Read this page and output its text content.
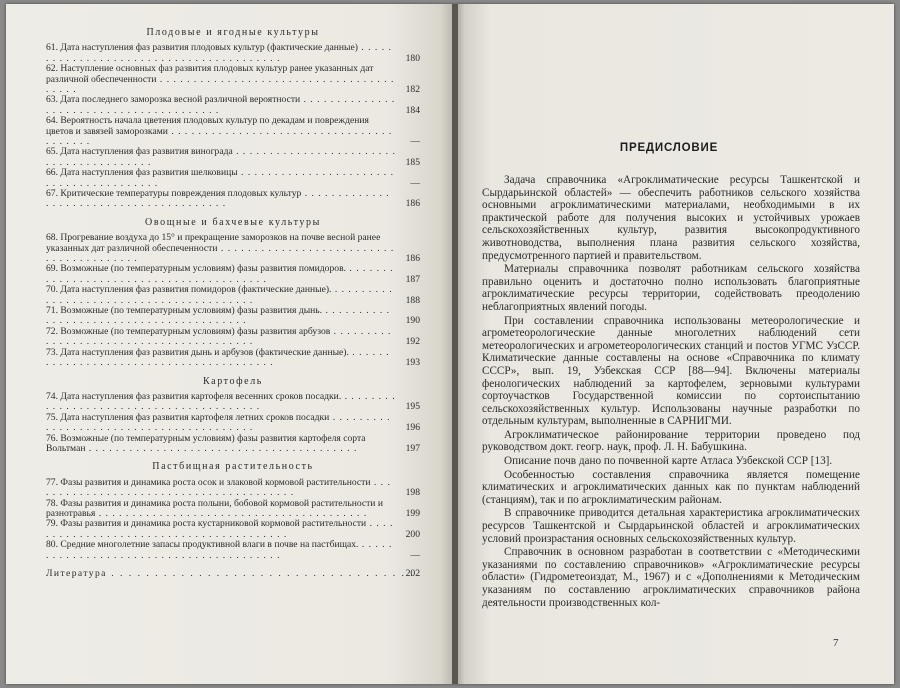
Плодовые и ягодные культуры
61. Дата наступления фаз развития плодовых культур (фактические данные) . . .
180
62. Наступление основных фаз развития плодовых культур ранее указанных дат различной обеспеченности . . .
182
63. Дата последнего заморозка весной различной вероятности . . .
184
64. Вероятность начала цветения плодовых культур по декадам и повреждения цветов и завязей заморозками . . .
—
65. Дата наступления фаз развития винограда . . .
185
66. Дата наступления фаз развития шелковицы . . .
—
67. Критические температуры повреждения плодовых культур . . .
186
Овощные и бахчевые культуры
68. Прогревание воздуха до 15° и прекращение заморозков на почве весной ранее указанных дат различной обеспеченности . . .
186
69. Возможные (по температурным условиям) фазы развития помидоров. . . .
187
70. Дата наступления фаз развития помидоров (фактические данные). . . .
188
71. Возможные (по температурным условиям) фазы развития дынь. . . .
190
72. Возможные (по температурным условиям) фазы развития арбузов . . .
192
73. Дата наступления фаз развития дынь и арбузов (фактические данные). . . .
193
Картофель
74. Дата наступления фаз развития картофеля весенних сроков посадки. . . .
195
75. Дата наступления фаз развития картофеля летних сроков посадки . . .
196
76. Возможные (по температурным условиям) фазы развития картофеля сорта Вольтман . . .	197
Пастбищная растительность
77. Фазы развития и динамика роста осок и злаковой кормовой растительности . . .
198
78. Фазы развития и динамика роста полыни, бобовой кормовой растительности и разнотравья . . .	199
79. Фазы развития и динамика роста кустарниковой кормовой растительности . . .
200
80. Средние многолетние запасы продуктивной влаги в почве на пастбищах. . . .
—
Литература . . .	202
ПРЕДИСЛОВИЕ

Задача справочника «Агроклиматические ресурсы Ташкентской и Сырдарьинской областей» — обеспечить работников сельского хозяйства основными агроклиматическими материалами, необходимыми в их практической работе для получения высоких и устойчивых урожаев сельскохозяйственных культур, развития высокопродуктивного животноводства, выполнения плана развития сельского хозяйства, предусмотренного партией и правительством.

Материалы справочника позволят работникам сельского хозяйства правильно оценить и достаточно полно использовать благоприятные агроклиматические ресурсы территории, содействовать преодолению неблагоприятных явлений погоды.

При составлении справочника использованы метеорологические и агрометеорологические данные многолетних наблюдений сети метеорологических и агрометеорологических станций и постов УГМС УзССР. Климатические данные составлены на основе «Справочника по климату СССР», вып. 19, Узбекская ССР [88—94]. Включены материалы фенологических наблюдений за картофелем, зерновыми культурами сортоучастков Государственной комиссии по сортоиспытанию сельскохозяйственных культур. Использованы научные разработки по отдельным культурам, выполненные в САРНИГМИ.

Агроклиматическое районирование территории проведено под руководством докт. геогр. наук, проф. Л. Н. Бабушкина.

Описание почв дано по почвенной карте Атласа Узбекской ССР [13].

Особенностью составления справочника является помещение климатических и агроклиматических данных как по пунктам наблюдений (станциям), так и по агроклиматическим районам.

В справочнике приводится детальная характеристика агроклиматических ресурсов Ташкентской и Сырдарьинской областей и агроклиматических условий произрастания основных сельскохозяйственных культур.

Справочник в основном разработан в соответствии с «Методическими указаниями по составлению справочников» «Агроклиматические ресурсы области» (Гидрометеоиздат, М., 1967) и с «Дополнениями к Методическим указаниям по составлению агроклиматических справочников района деятельности производственных кол-

7
